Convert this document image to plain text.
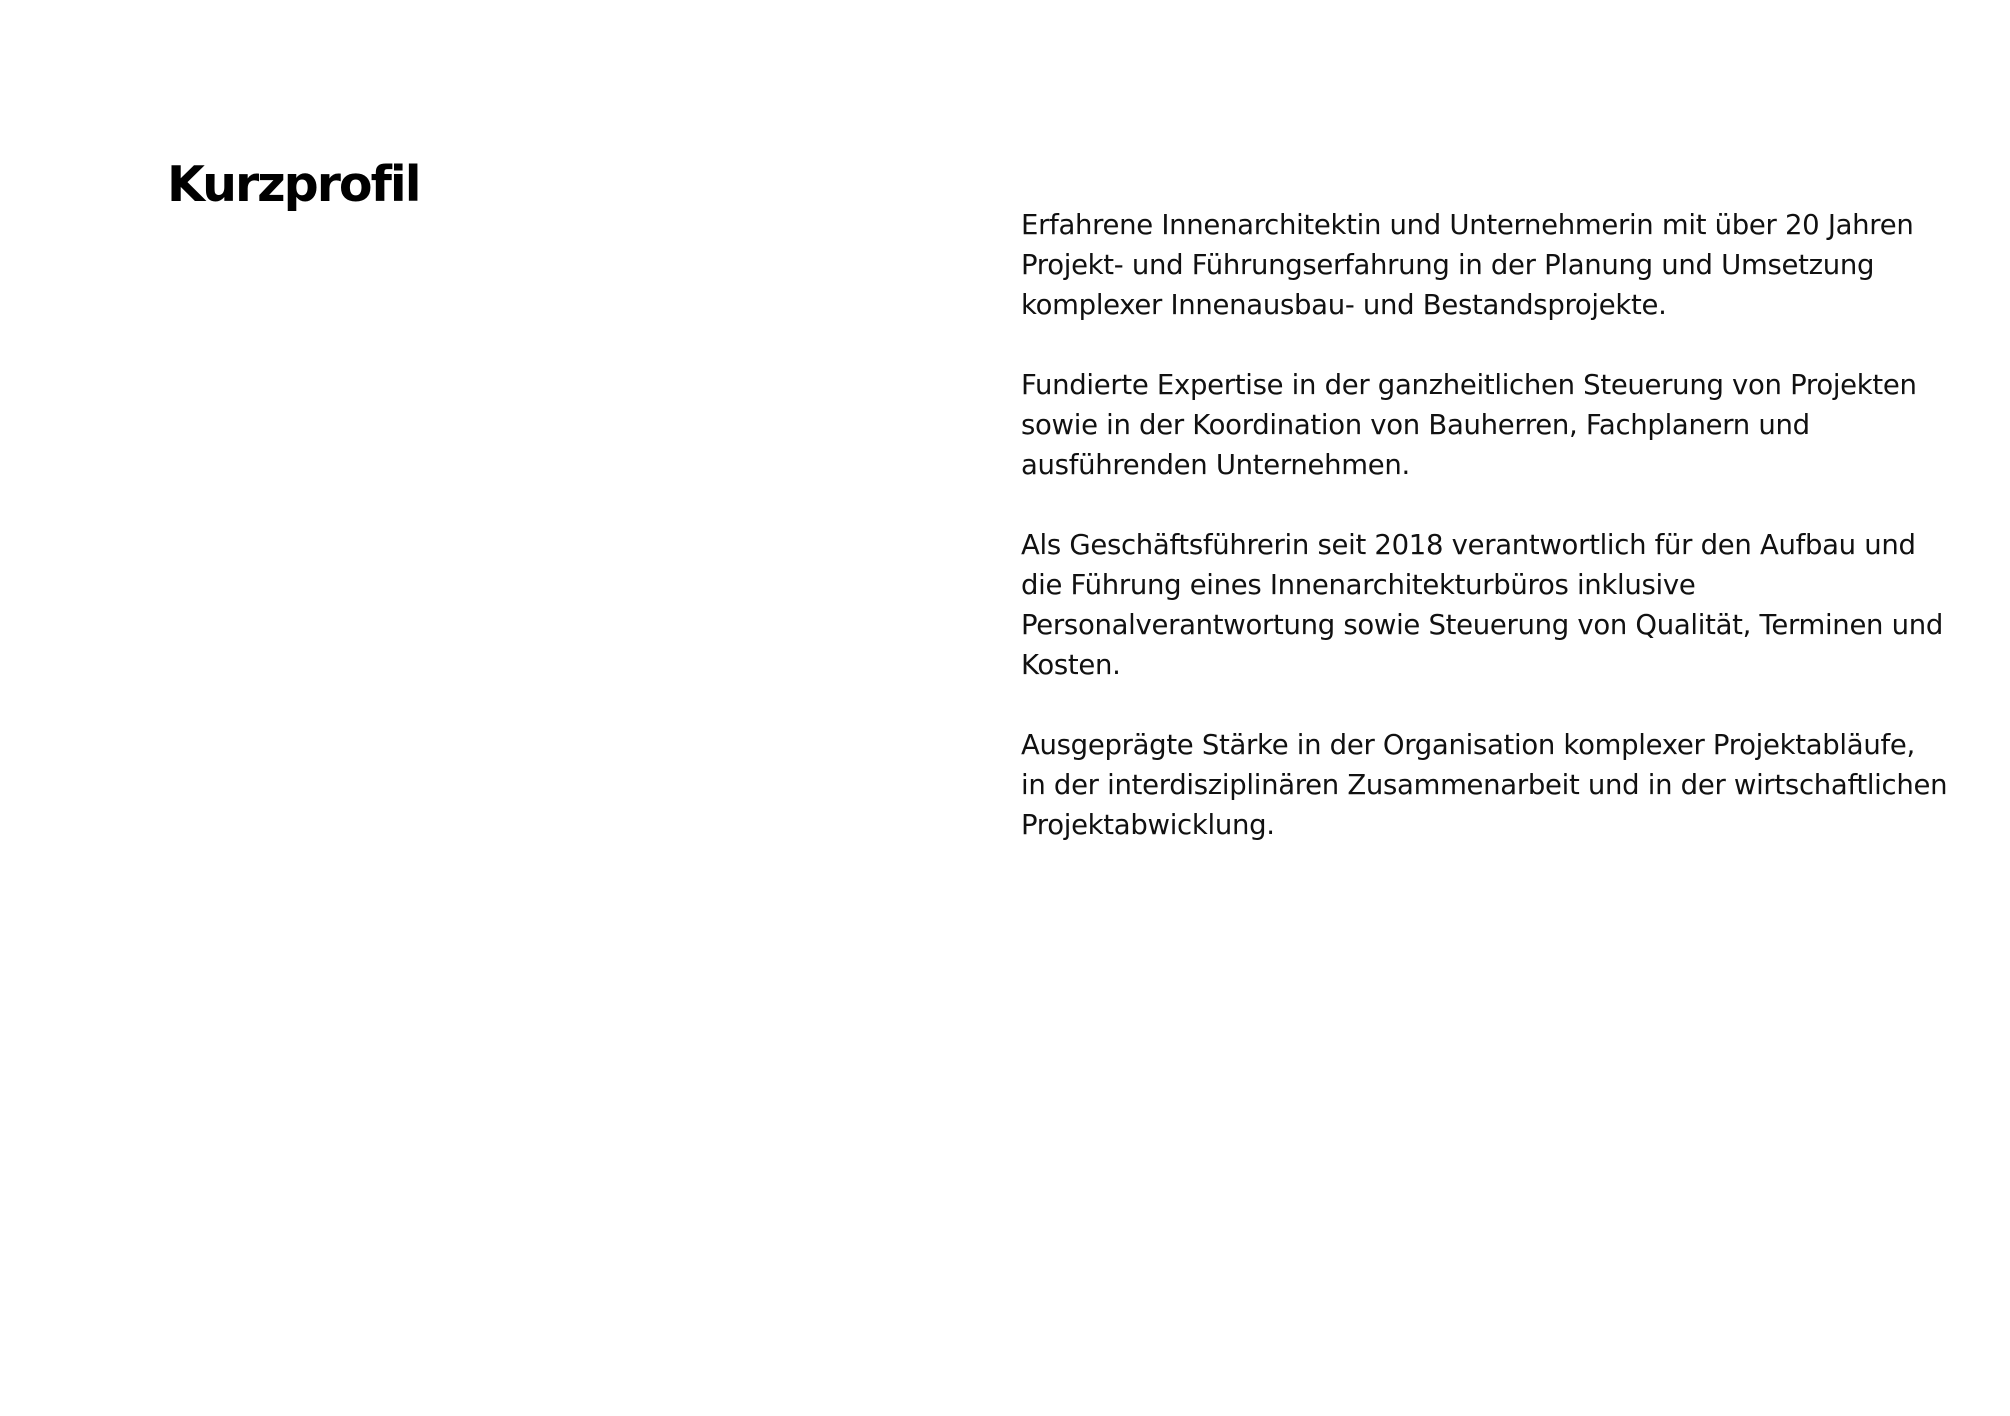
Kurzprofil

Erfahrene Innenarchitektin und Unternehmerin mit über 20 Jahren
Projekt- und Führungserfahrung in der Planung und Umsetzung
komplexer Innenausbau- und Bestandsprojekte.

Fundierte Expertise in der ganzheitlichen Steuerung von Projekten
sowie in der Koordination von Bauherren, Fachplanern und
ausführenden Unternehmen.

Als Geschäftsführerin seit 2018 verantwortlich für den Aufbau und
die Führung eines Innenarchitekturbüros inklusive
Personalverantwortung sowie Steuerung von Qualität, Terminen und
Kosten.

Ausgeprägte Stärke in der Organisation komplexer Projektabläufe,
in der interdisziplinären Zusammenarbeit und in der wirtschaftlichen
Projektabwicklung.
